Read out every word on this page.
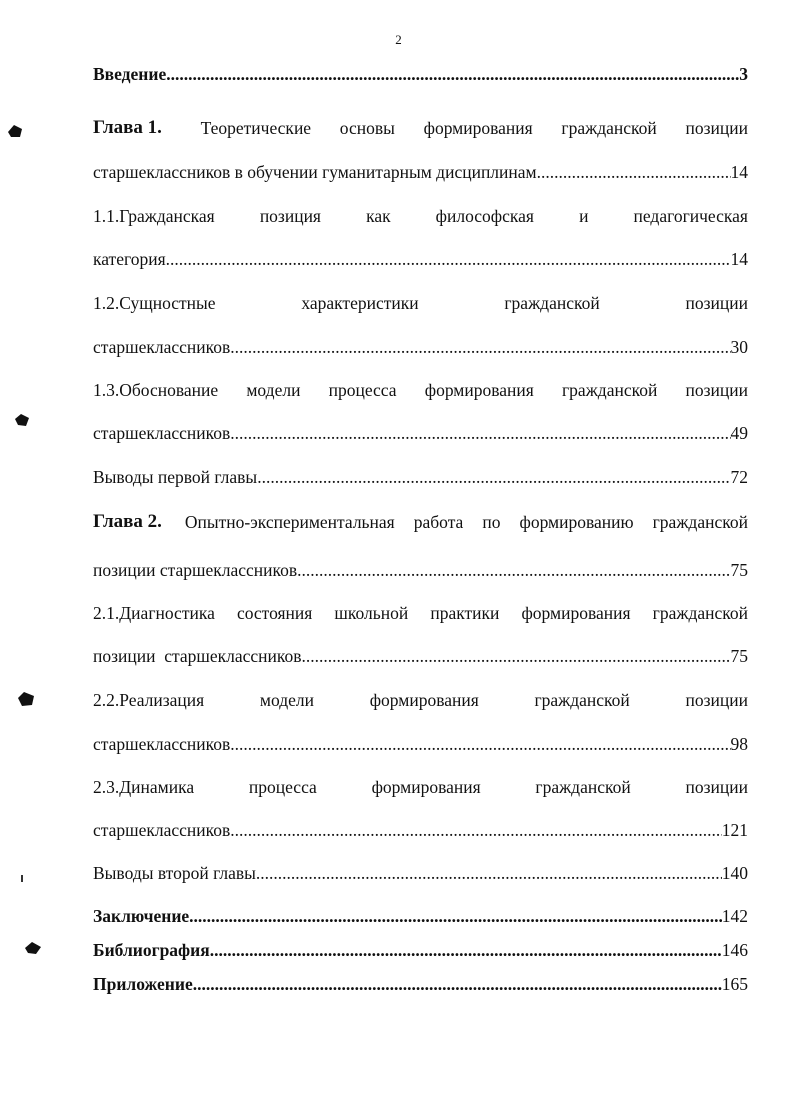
2
Введение .....	3
Глава 1. Теоретические основы формирования гражданской позиции
старшеклассников в обучении гуманитарным дисциплинам .....	14
1.1.Гражданская	позиция	как	философская	и	педагогическая
категория .....	14
1.2.Сущностные	характеристики	гражданской	позиции
старшеклассников .....	30
1.3.Обоснование модели процесса формирования гражданской позиции
старшеклассников .....	49
Выводы первой главы .....	72
Глава 2. Опытно-экспериментальная работа по формированию гражданской
позиции старшеклассников .....	75
2.1.Диагностика состояния школьной практики формирования гражданской
позиции  старшеклассников .....	75
2.2.Реализация	модели	формирования	гражданской	позиции
старшеклассников .....	98
2.3.Динамика	процесса	формирования	гражданской	позиции
старшеклассников .....	121
Выводы второй главы .....	140
Заключение .....	142
Библиография .....	146
Приложение .....	165
